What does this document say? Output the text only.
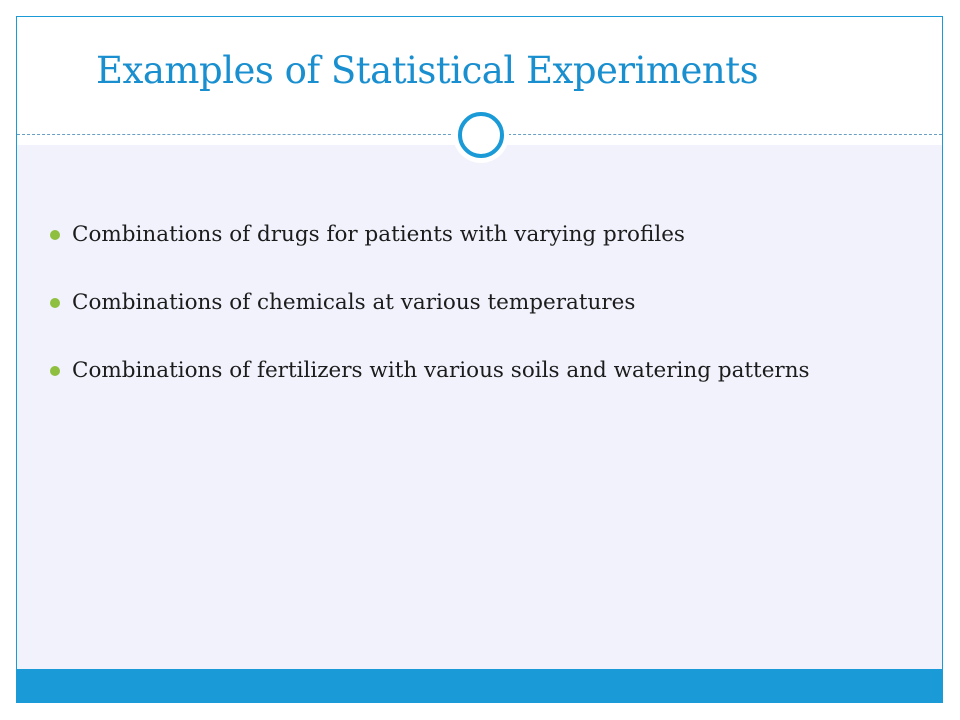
Examples of Statistical Experiments
Combinations of drugs for patients with varying profiles
Combinations of chemicals at various temperatures
Combinations of fertilizers with various soils and watering patterns
